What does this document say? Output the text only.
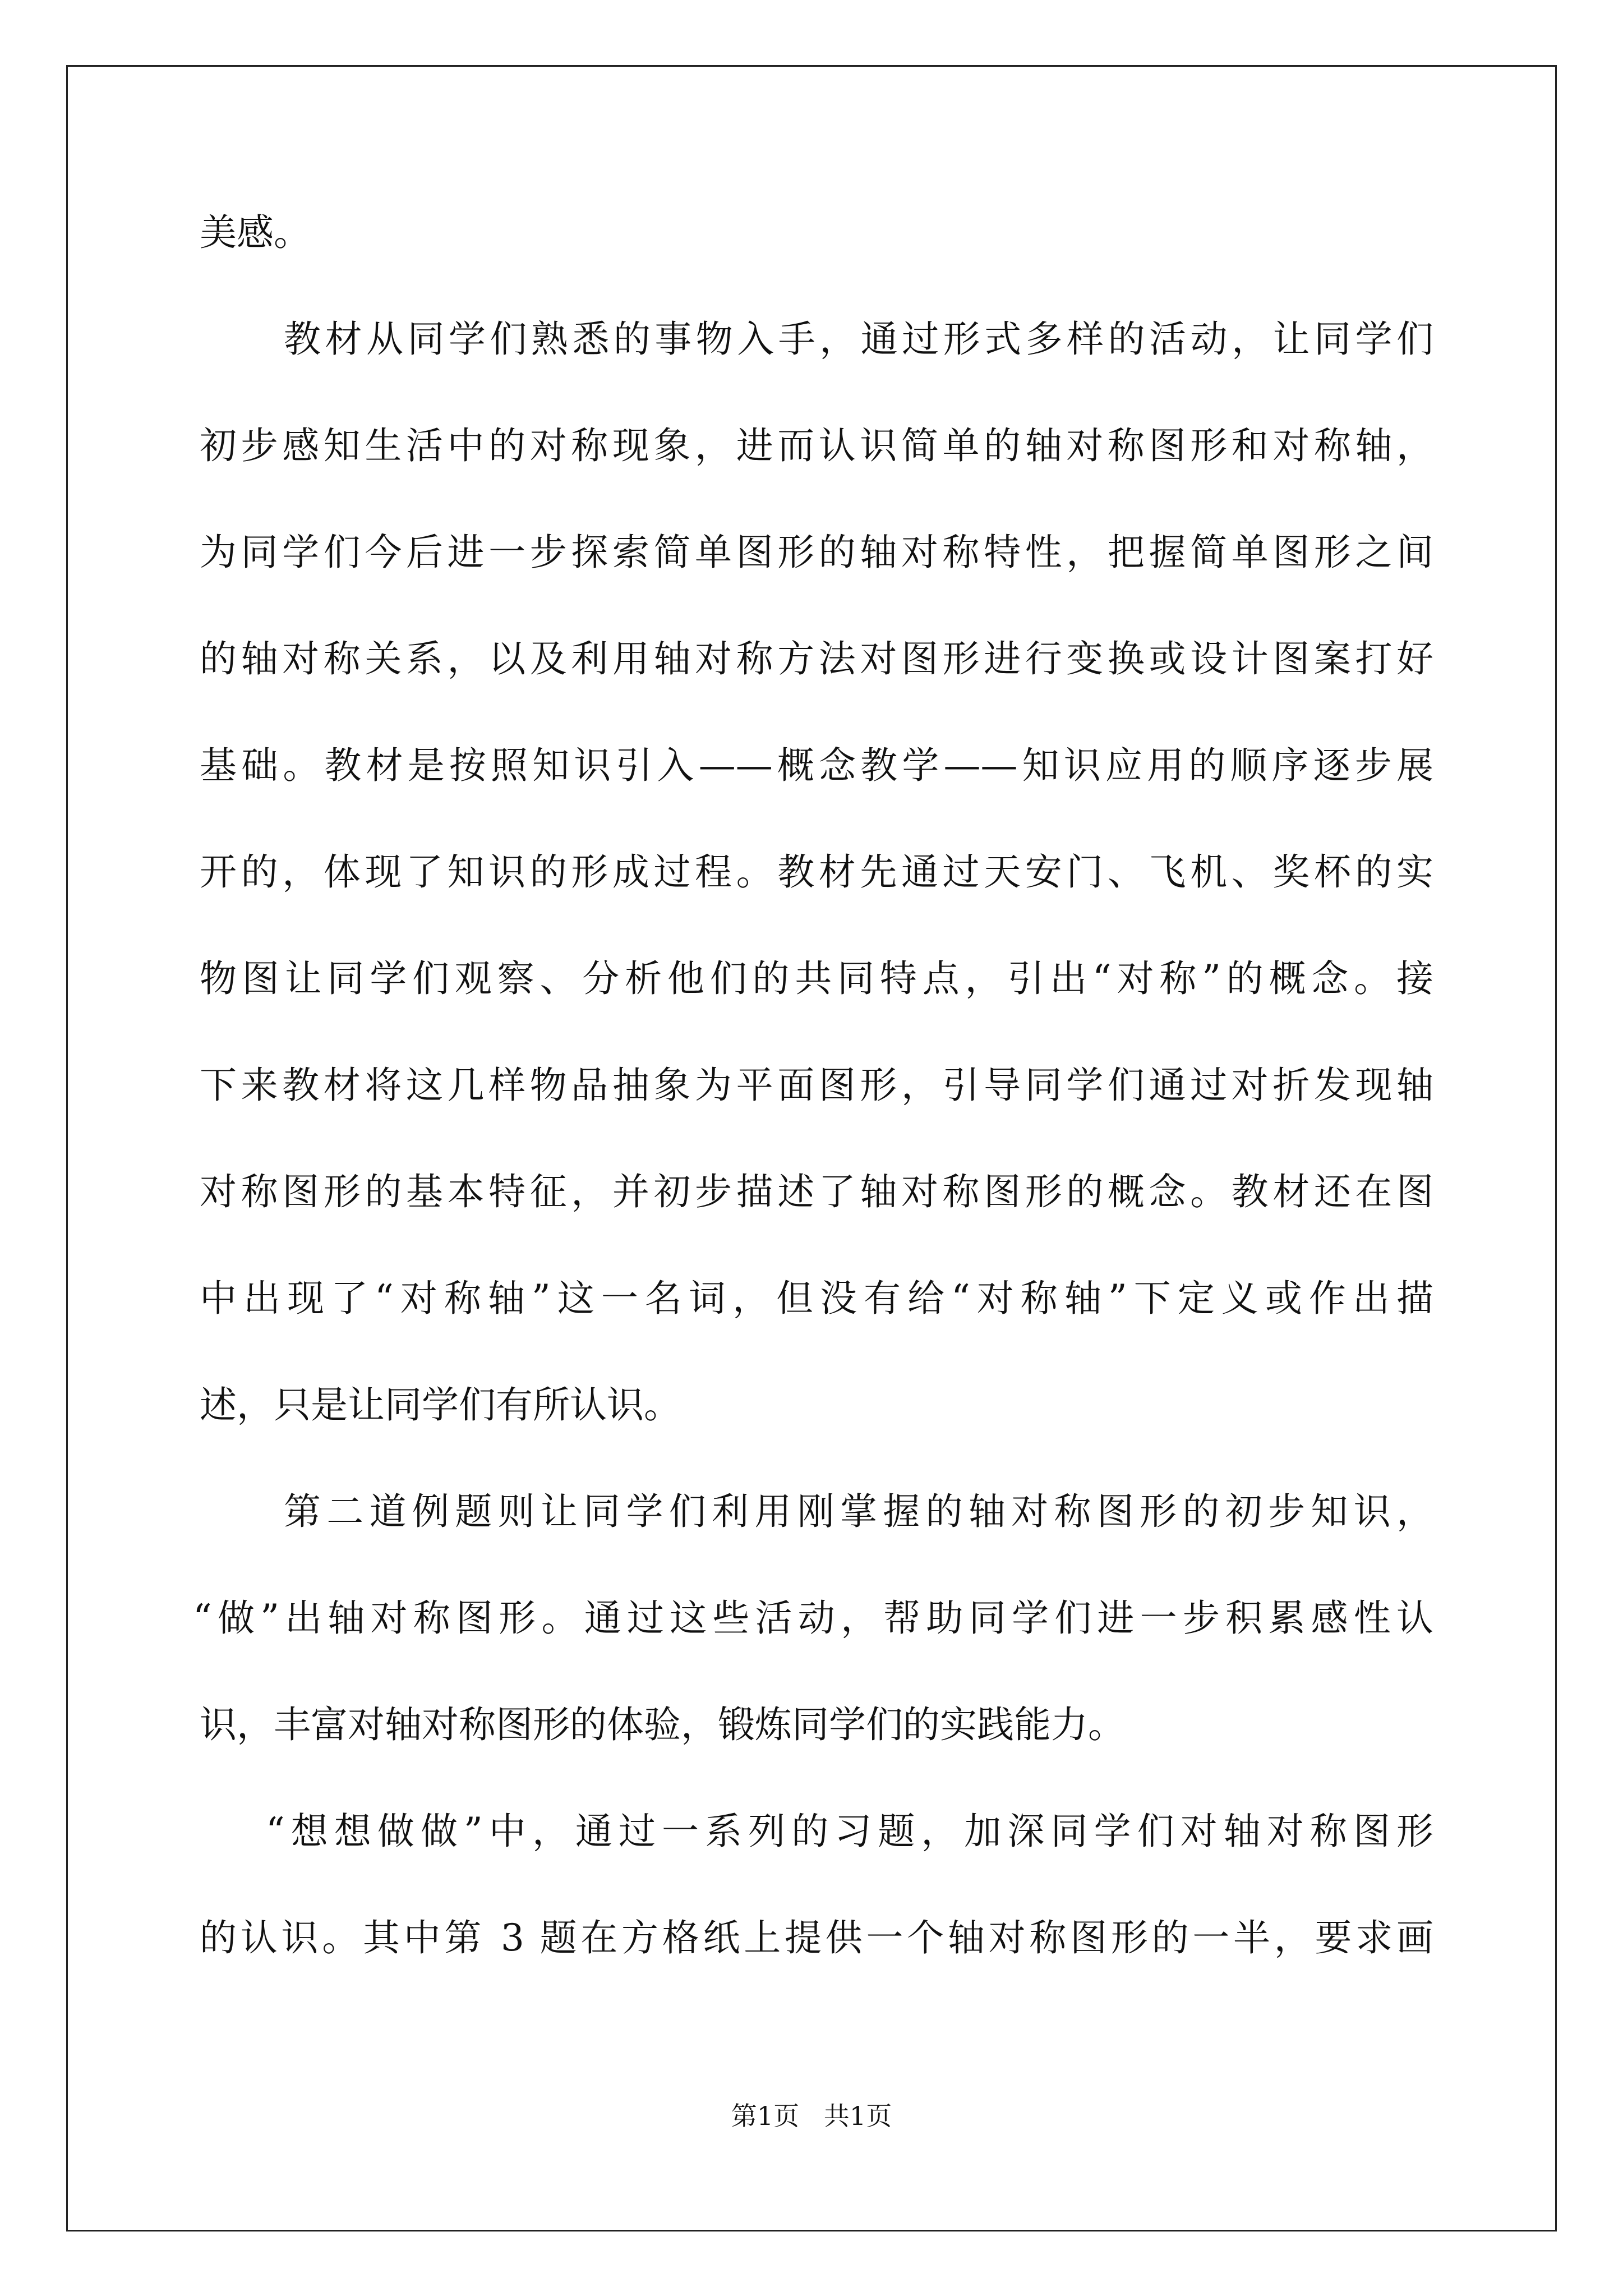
美感。
教材从同学们熟悉的事物入手，通过形式多样的活动，让同学们
初步感知生活中的对称现象，进而认识简单的轴对称图形和对称轴，
为同学们今后进一步探索简单图形的轴对称特性，把握简单图形之间
的轴对称关系，以及利用轴对称方法对图形进行变换或设计图案打好
基础。教材是按照知识引入——概念教学——知识应用的顺序逐步展
开的，体现了知识的形成过程。教材先通过天安门、飞机、奖杯的实
物图让同学们观察、分析他们的共同特点，引出“对称”的概念。接
下来教材将这几样物品抽象为平面图形，引导同学们通过对折发现轴
对称图形的基本特征，并初步描述了轴对称图形的概念。教材还在图
中出现了“对称轴”这一名词，但没有给“对称轴”下定义或作出描
述，只是让同学们有所认识。
第二道例题则让同学们利用刚掌握的轴对称图形的初步知识，
“做”出轴对称图形。通过这些活动，帮助同学们进一步积累感性认
识，丰富对轴对称图形的体验，锻炼同学们的实践能力。
“想想做做”中，通过一系列的习题，加深同学们对轴对称图形
的认识。其中第 3 题在方格纸上提供一个轴对称图形的一半，要求画
第1页   共1页
